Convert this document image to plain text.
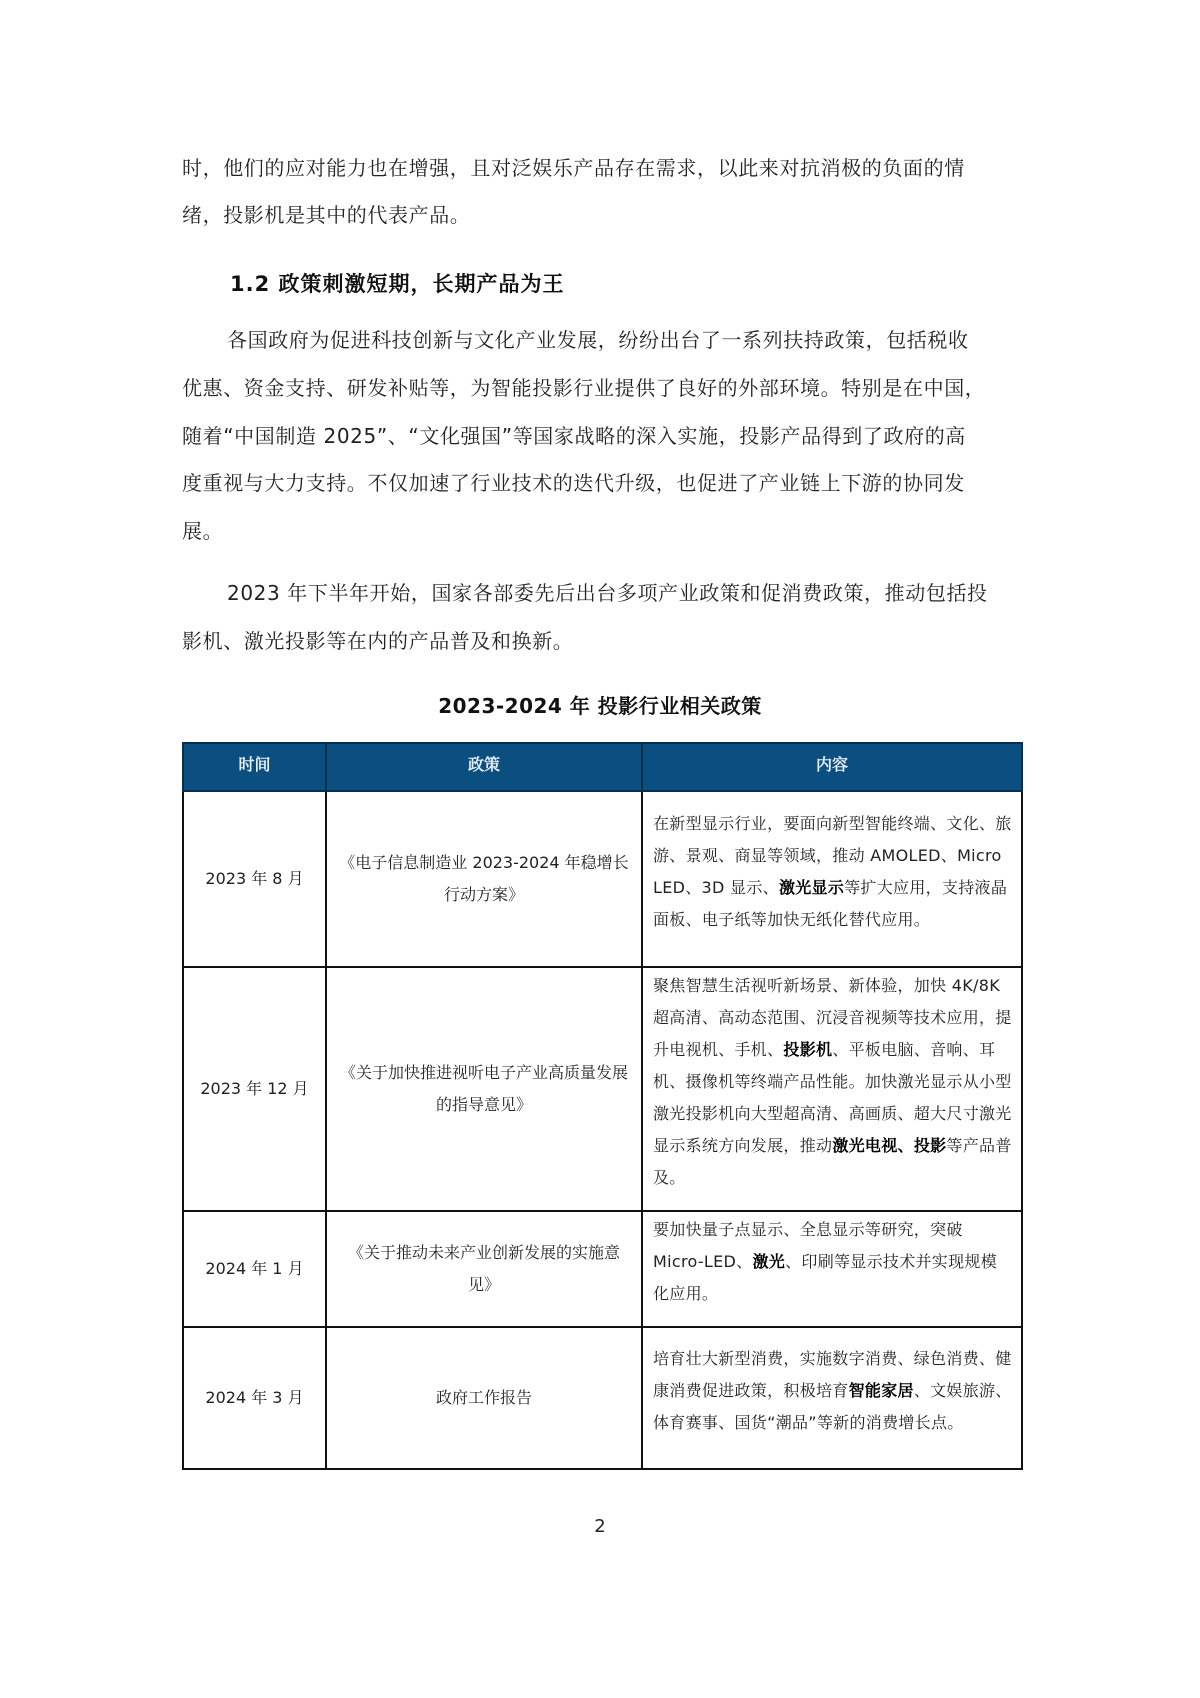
时，他们的应对能力也在增强，且对泛娱乐产品存在需求，以此来对抗消极的负面的情
绪，投影机是其中的代表产品。
1.2 政策刺激短期，长期产品为王
各国政府为促进科技创新与文化产业发展，纷纷出台了一系列扶持政策，包括税收
优惠、资金支持、研发补贴等，为智能投影行业提供了良好的外部环境。特别是在中国，
随着“中国制造 2025”、“文化强国”等国家战略的深入实施，投影产品得到了政府的高
度重视与大力支持。不仅加速了行业技术的迭代升级，也促进了产业链上下游的协同发
展。
2023 年下半年开始，国家各部委先后出台多项产业政策和促消费政策，推动包括投
影机、激光投影等在内的产品普及和换新。
2023-2024 年 投影行业相关政策
时间	政策	内容
2023 年 8 月	《电子信息制造业 2023-2024 年稳增长行动方案》	在新型显示行业，要面向新型智能终端、文化、旅游、景观、商显等领域，推动 AMOLED、Micro LED、3D 显示、激光显示等扩大应用，支持液晶面板、电子纸等加快无纸化替代应用。
2023 年 12 月	《关于加快推进视听电子产业高质量发展的指导意见》	聚焦智慧生活视听新场景、新体验，加快 4K/8K 超高清、高动态范围、沉浸音视频等技术应用，提升电视机、手机、投影机、平板电脑、音响、耳机、摄像机等终端产品性能。加快激光显示从小型激光投影机向大型超高清、高画质、超大尺寸激光显示系统方向发展，推动激光电视、投影等产品普及。
2024 年 1 月	《关于推动未来产业创新发展的实施意见》	要加快量子点显示、全息显示等研究，突破 Micro-LED、激光、印刷等显示技术并实现规模化应用。
2024 年 3 月	政府工作报告	培育壮大新型消费，实施数字消费、绿色消费、健康消费促进政策，积极培育智能家居、文娱旅游、体育赛事、国货“潮品”等新的消费增长点。
2
